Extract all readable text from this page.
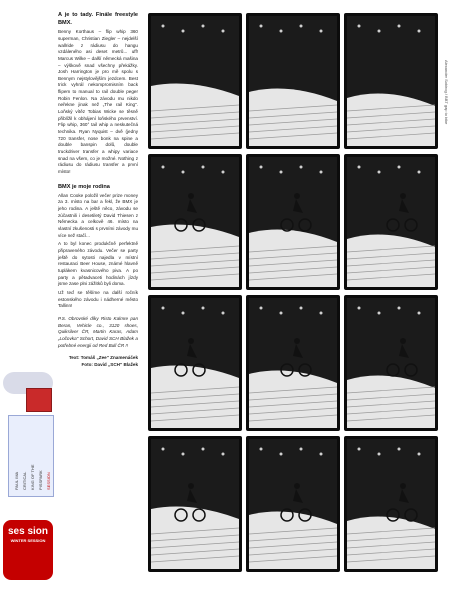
A je to tady. Finále freestyle BMX.

Benny Korthaus – flip whip 360 superman, Christian Ziegler – nejdelší wallride z rádiusu do hangu vzdáleného asi deset metrů... uff! Marcus Wilke – další německá mašina – výškově snad všechny překážky. Josh Harrington je pro mě spolu s Bennym nejstylovějším jezdcem. Best trick vyhrál nekompromisním back flipem to manual to rail double peger Robin Fenlon. Na závodu mu nikdo neřekne jinak než „The rail King". Loňský vítěz Tobias Wicke se těsně přiblížil k obhájení loňského prvenství. Flip whip, 360° tail whip a neskutečná technika. Ryan Nyquist – dvě (jedny 720 transfer, nose bonk na spine a double banspin dolů, double truckdriver transfer a whipy variace snad na všem, co je možné. Nothing z rádiusu do rádiusu transfer a první místo!

BMX je moje rodina

Allan Cooke položil večer prize money za 3. místo na bar a řekl, že BMX je jeho rodina. A ještě něco, závodu se zúčastnili i desetiletý David Thiesen z Německa a celkově 46. místo na vlastní zkušenosti s prvními závody mu více než stačí...

A to byl konec produkčně perfektně připraveného závodu. Večer se party ještě do sytosti najedla v místní restauraci Beer House, známé hlavně tuplákem kvasnicového piva. A po party a pětadvaceti hodinách jízdy jsme zase plni zážitků byli doma.

Už teď se těšíme na další ročník estonského závodu i nádherné město Tallinn!

P.S. Obrovské díky Risto Kalmre pan Beran, Vehicle co., 3120 shoes, Quiksilver ČR, Martin Karas, Adam „Ločovka" Schort, David SCH Blažek a potřebné energii od Red Bull ČR !!

Text: Tomáš „Zee" Znamenáček
Foto: David „SCH" Blažek
Alexander Sokirog / BBT gap to bike
PAUL IMA CRITICAL KING OF THE PISSPARK SESSION
ses sion
WINTER SESSION
